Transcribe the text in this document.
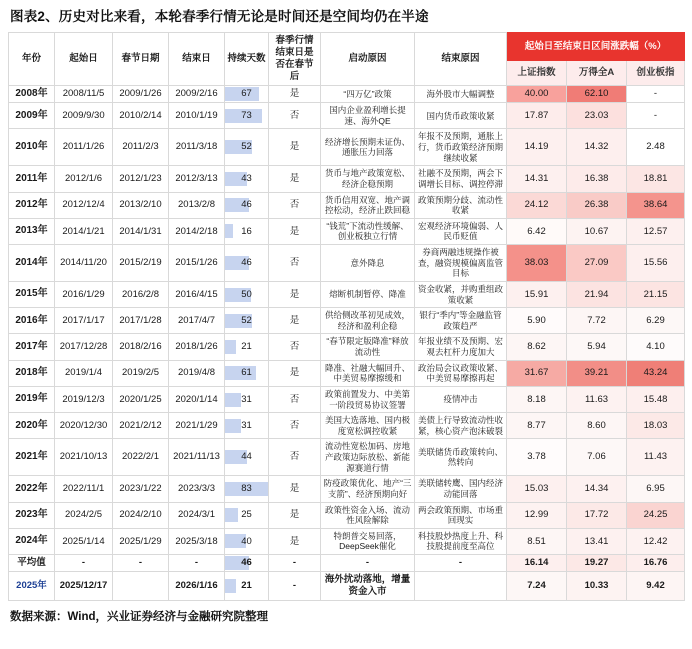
图表2、历史对比来看，本轮春季行情无论是时间还是空间均仍在半途
年份	起始日	春节日期	结束日	持续天数	春季行情结束日是否在春节后	启动原因	结束原因	起始日至结束日区间涨跌幅（%）		
								上证指数	万得全A	创业板指
2008年	2008/11/5	2009/1/26	2009/2/16	67	是	“四万亿”政策	海外股市大幅调整	40.00	62.10	-
2009年	2009/9/30	2010/2/14	2010/1/19	73	否	国内企业盈利增长提速、海外QE	国内货币政策收紧	17.87	23.03	-
2010年	2011/1/26	2011/2/3	2011/3/18	52	是	经济增长预期未证伪、通胀压力回落	年报不及预期，通胀上行，货币政策经济预期继续收紧	14.19	14.32	2.48
2011年	2012/1/6	2012/1/23	2012/3/13	43	是	货币与地产政策宽松、经济企稳预期	社融不及预期，两会下调增长目标、调控停滞	14.31	16.38	18.81
2012年	2012/12/4	2013/2/10	2013/2/8	46	否	货币信用双宽、地产调控松动，经济止跌回稳	政策预期分歧、流动性收紧	24.12	26.38	38.64
2013年	2014/1/21	2014/1/31	2014/2/18	16	是	“钱荒”下流动性缓解、创业板独立行情	宏观经济环境偏弱、人民币贬值	6.42	10.67	12.57
2014年	2014/11/20	2015/2/19	2015/1/26	46	否	意外降息	券商两融违规操作被查，融资规模偏离监管目标	38.03	27.09	15.56
2015年	2016/1/29	2016/2/8	2016/4/15	50	是	熔断机制暂停、降准	资金收紧，并购重组政策收紧	15.91	21.94	21.15
2016年	2017/1/17	2017/1/28	2017/4/7	52	是	供给侧改革初见成效，经济和盈利企稳	银行“季内”等金融监管政策趋严	5.90	7.72	6.29
2017年	2017/12/28	2018/2/16	2018/1/26	21	否	“春节限定版降准”释放流动性	年报业绩不及预期、宏观去杠杆力度加大	8.62	5.94	4.10
2018年	2019/1/4	2019/2/5	2019/4/8	61	是	降准、社融大幅回升、中美贸易摩擦缓和	政治局会议政策收紧、中美贸易摩擦再起	31.67	39.21	43.24
2019年	2019/12/3	2020/1/25	2020/1/14	31	否	政策前置发力、中美第一阶段贸易协议签署	疫情冲击	8.18	11.63	15.48
2020年	2020/12/30	2021/2/12	2021/1/29	31	否	美国大选落地、国内极度宽松调控收紧	美债上行导致流动性收紧，核心资产泡沫破裂	8.77	8.60	18.03
2021年	2021/10/13	2022/2/1	2021/11/13	44	否	流动性宽松加码、房地产政策边际放松、新能源赛道行情	美联储货币政策转向、然转向	3.78	7.06	11.43
2022年	2022/11/1	2023/1/22	2023/3/3	83	是	防疫政策优化、地产“三支箭”、经济预期向好	美联储转鹰、国内经济动能回落	15.03	14.34	6.95
2023年	2024/2/5	2024/2/10	2024/3/1	25	是	政策性资金入场、流动性风险解除	两会政策预期、市场重回现实	12.99	17.72	24.25
2024年	2025/1/14	2025/1/29	2025/3/18	40	是	特朗普交易回落，DeepSeek催化	科技股炒热度上升、科技股提前度至高位	8.51	13.41	12.42
平均值	-	-	-	46	-	-	-	16.14	19.27	16.76
2025年	2025/12/17		2026/1/16	21	-	海外扰动落地，增量资金入市		7.24	10.33	9.42
数据来源：Wind，兴业证券经济与金融研究院整理
